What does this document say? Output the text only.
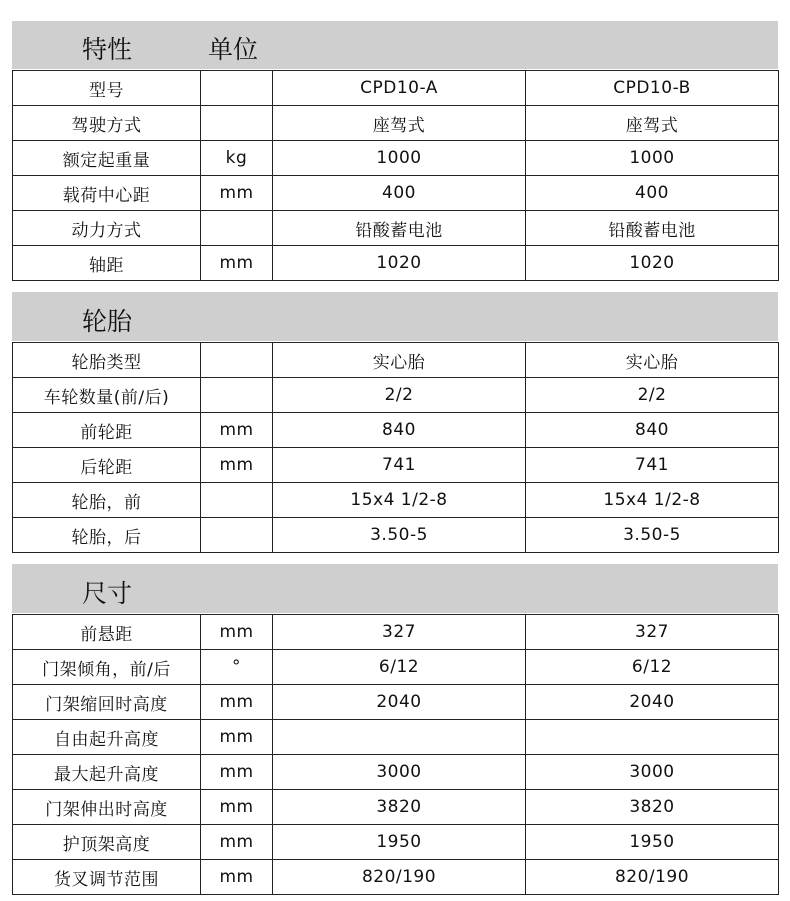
特性	单位
型号		CPD10-A	CPD10-B
驾驶方式		座驾式	座驾式
额定起重量	kg	1000	1000
载荷中心距	mm	400	400
动力方式		铅酸蓄电池	铅酸蓄电池
轴距	mm	1020	1020
轮胎
轮胎类型		实心胎	实心胎
车轮数量(前/后)		2/2	2/2
前轮距	mm	840	840
后轮距	mm	741	741
轮胎，前		15x4 1/2-8	15x4 1/2-8
轮胎，后		3.50-5	3.50-5
尺寸
前悬距	mm	327	327
门架倾角，前/后	°	6/12	6/12
门架缩回时高度	mm	2040	2040
自由起升高度	mm		
最大起升高度	mm	3000	3000
门架伸出时高度	mm	3820	3820
护顶架高度	mm	1950	1950
货叉调节范围	mm	820/190	820/190
